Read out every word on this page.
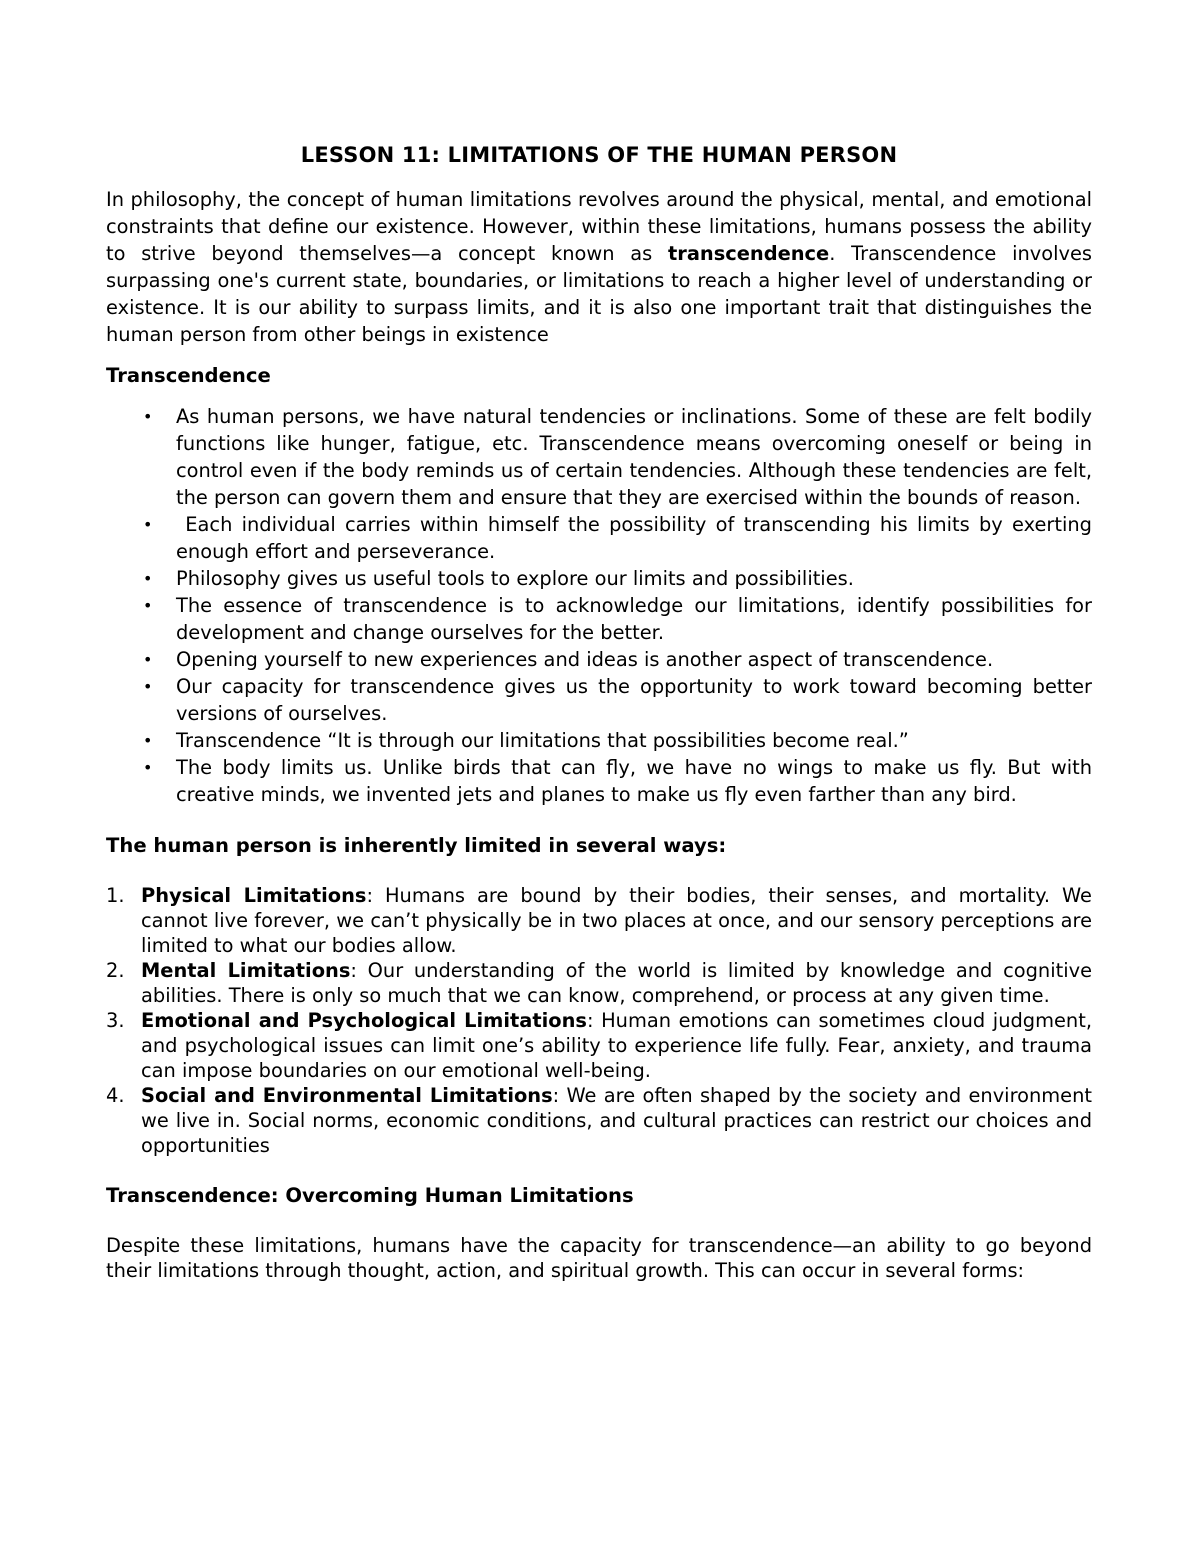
LESSON 11: LIMITATIONS OF THE HUMAN PERSON

In philosophy, the concept of human limitations revolves around the physical, mental, and emotional constraints that define our existence. However, within these limitations, humans possess the ability to strive beyond themselves—a concept known as transcendence. Transcendence involves surpassing one's current state, boundaries, or limitations to reach a higher level of understanding or existence. It is our ability to surpass limits, and it is also one important trait that distinguishes the human person from other beings in existence

Transcendence
• As human persons, we have natural tendencies or inclinations. Some of these are felt bodily functions like hunger, fatigue, etc. Transcendence means overcoming oneself or being in control even if the body reminds us of certain tendencies. Although these tendencies are felt, the person can govern them and ensure that they are exercised within the bounds of reason.
• Each individual carries within himself the possibility of transcending his limits by exerting enough effort and perseverance.
• Philosophy gives us useful tools to explore our limits and possibilities.
• The essence of transcendence is to acknowledge our limitations, identify possibilities for development and change ourselves for the better.
• Opening yourself to new experiences and ideas is another aspect of transcendence.
• Our capacity for transcendence gives us the opportunity to work toward becoming better versions of ourselves.
• Transcendence “It is through our limitations that possibilities become real.”
• The body limits us. Unlike birds that can fly, we have no wings to make us fly. But with creative minds, we invented jets and planes to make us fly even farther than any bird.
The human person is inherently limited in several ways:
1. Physical Limitations: Humans are bound by their bodies, their senses, and mortality. We cannot live forever, we can’t physically be in two places at once, and our sensory perceptions are limited to what our bodies allow.
2. Mental Limitations: Our understanding of the world is limited by knowledge and cognitive abilities. There is only so much that we can know, comprehend, or process at any given time.
3. Emotional and Psychological Limitations: Human emotions can sometimes cloud judgment, and psychological issues can limit one’s ability to experience life fully. Fear, anxiety, and trauma can impose boundaries on our emotional well-being.
4. Social and Environmental Limitations: We are often shaped by the society and environment we live in. Social norms, economic conditions, and cultural practices can restrict our choices and opportunities
Transcendence: Overcoming Human Limitations

Despite these limitations, humans have the capacity for transcendence—an ability to go beyond their limitations through thought, action, and spiritual growth. This can occur in several forms:
